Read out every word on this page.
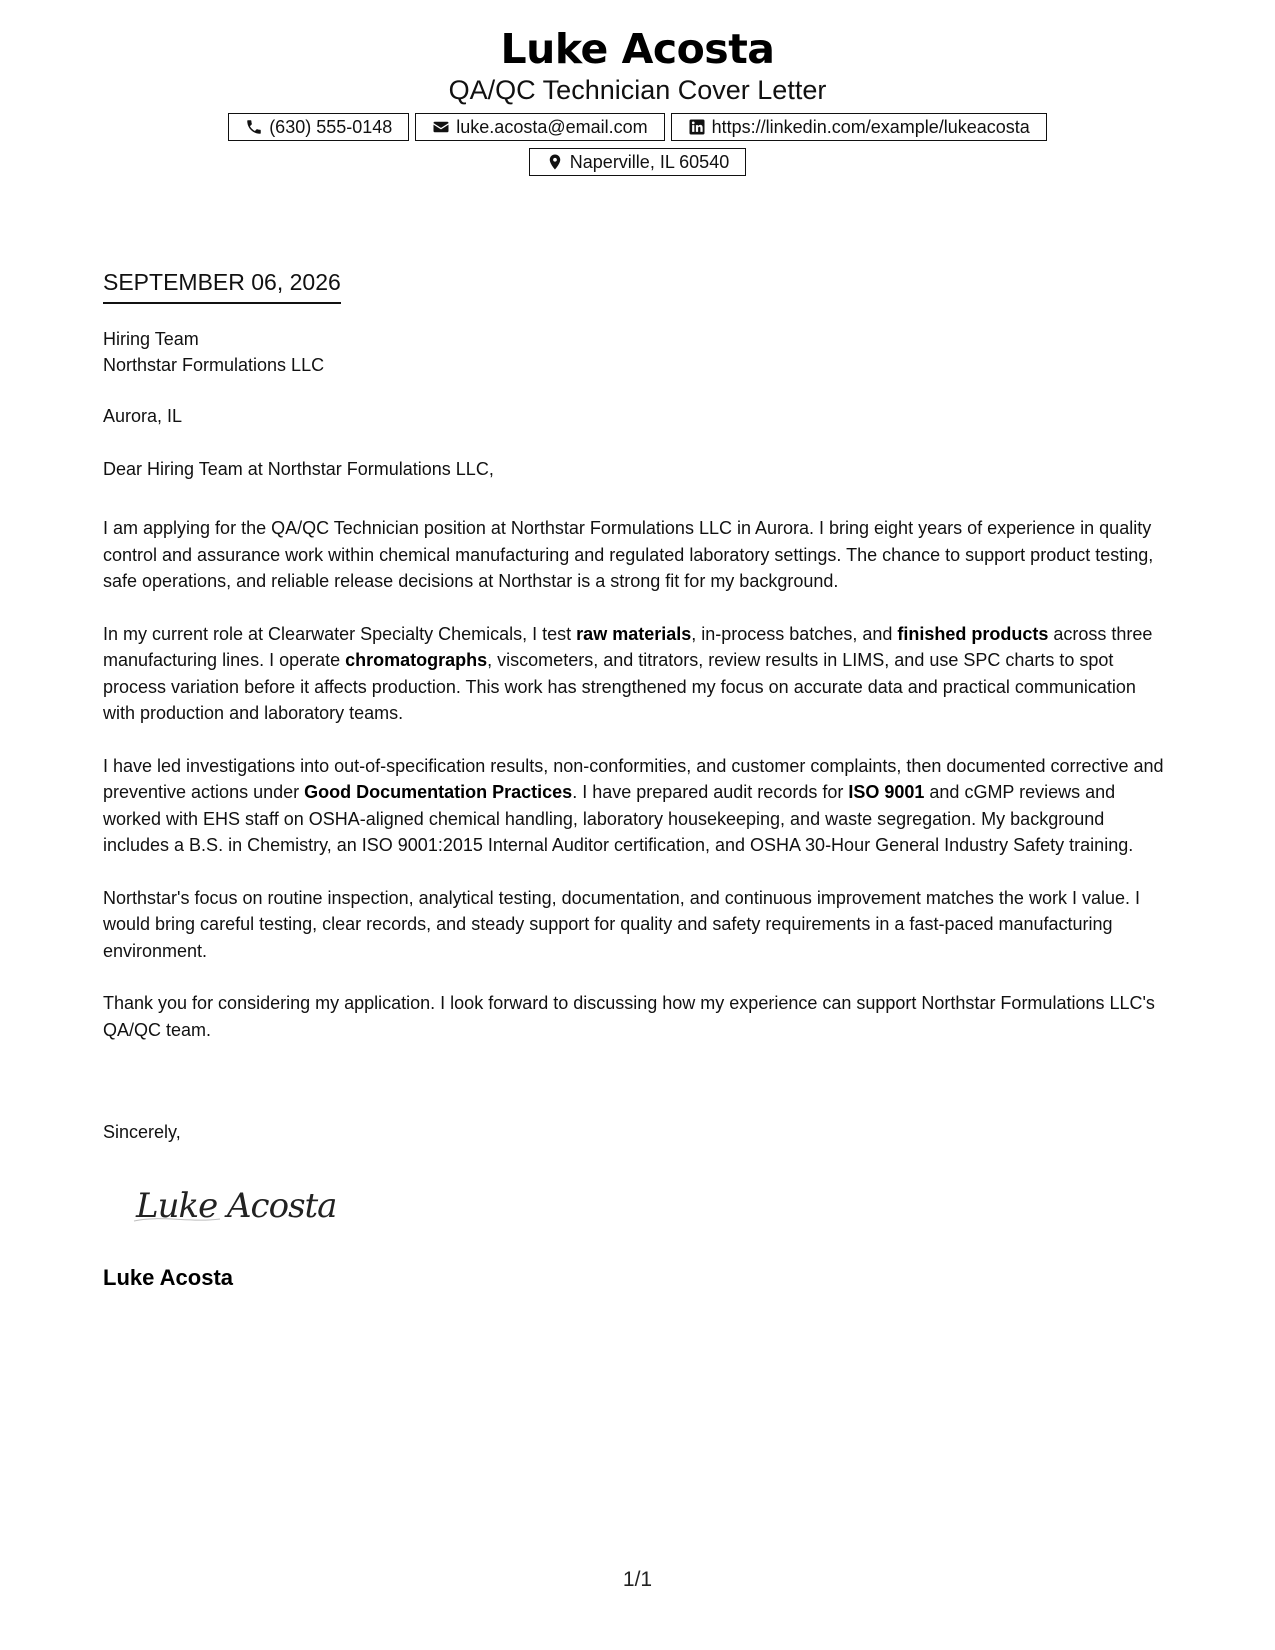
Luke Acosta
QA/QC Technician Cover Letter
(630) 555-0148
	luke.acosta@email.com
	https://linkedin.com/example/lukeacosta
Naperville, IL 60540
SEPTEMBER 06, 2026
Hiring Team
Northstar Formulations LLC
Aurora, IL
Dear Hiring Team at Northstar Formulations LLC,

I am applying for the QA/QC Technician position at Northstar Formulations LLC in Aurora. I bring eight years of experience in quality control and assurance work within chemical manufacturing and regulated laboratory settings. The chance to support product testing, safe operations, and reliable release decisions at Northstar is a strong fit for my background.

In my current role at Clearwater Specialty Chemicals, I test raw materials, in-process batches, and finished products across three manufacturing lines. I operate chromatographs, viscometers, and titrators, review results in LIMS, and use SPC charts to spot process variation before it affects production. This work has strengthened my focus on accurate data and practical communication with production and laboratory teams.

I have led investigations into out-of-specification results, non-conformities, and customer complaints, then documented corrective and preventive actions under Good Documentation Practices. I have prepared audit records for ISO 9001 and cGMP reviews and worked with EHS staff on OSHA-aligned chemical handling, laboratory housekeeping, and waste segregation. My background includes a B.S. in Chemistry, an ISO 9001:2015 Internal Auditor certification, and OSHA 30-Hour General Industry Safety training.

Northstar's focus on routine inspection, analytical testing, documentation, and continuous improvement matches the work I value. I would bring careful testing, clear records, and steady support for quality and safety requirements in a fast-paced manufacturing environment.

Thank you for considering my application. I look forward to discussing how my experience can support Northstar Formulations LLC's QA/QC team.

Sincerely,
Luke Acosta
Luke Acosta
1/1
